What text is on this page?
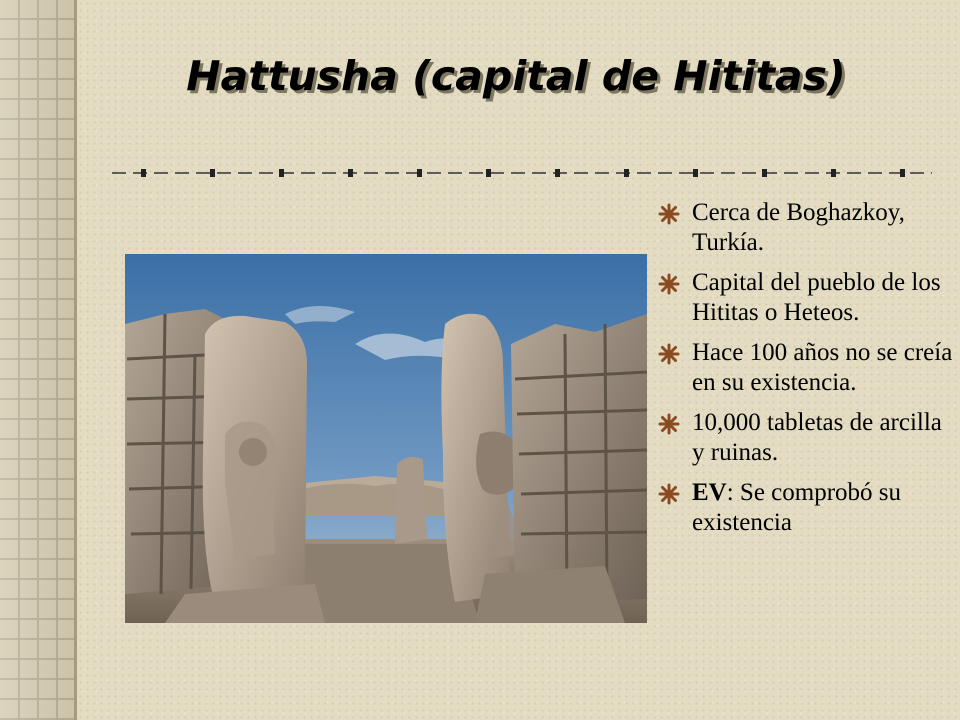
Hattusha (capital de Hititas)
Cerca de Boghazkoy, Turkía.
Capital del pueblo de los Hititas o Heteos.
Hace 100 años no se creía en su existencia.
10,000 tabletas de arcilla y ruinas.
EV: Se comprobó su existencia
